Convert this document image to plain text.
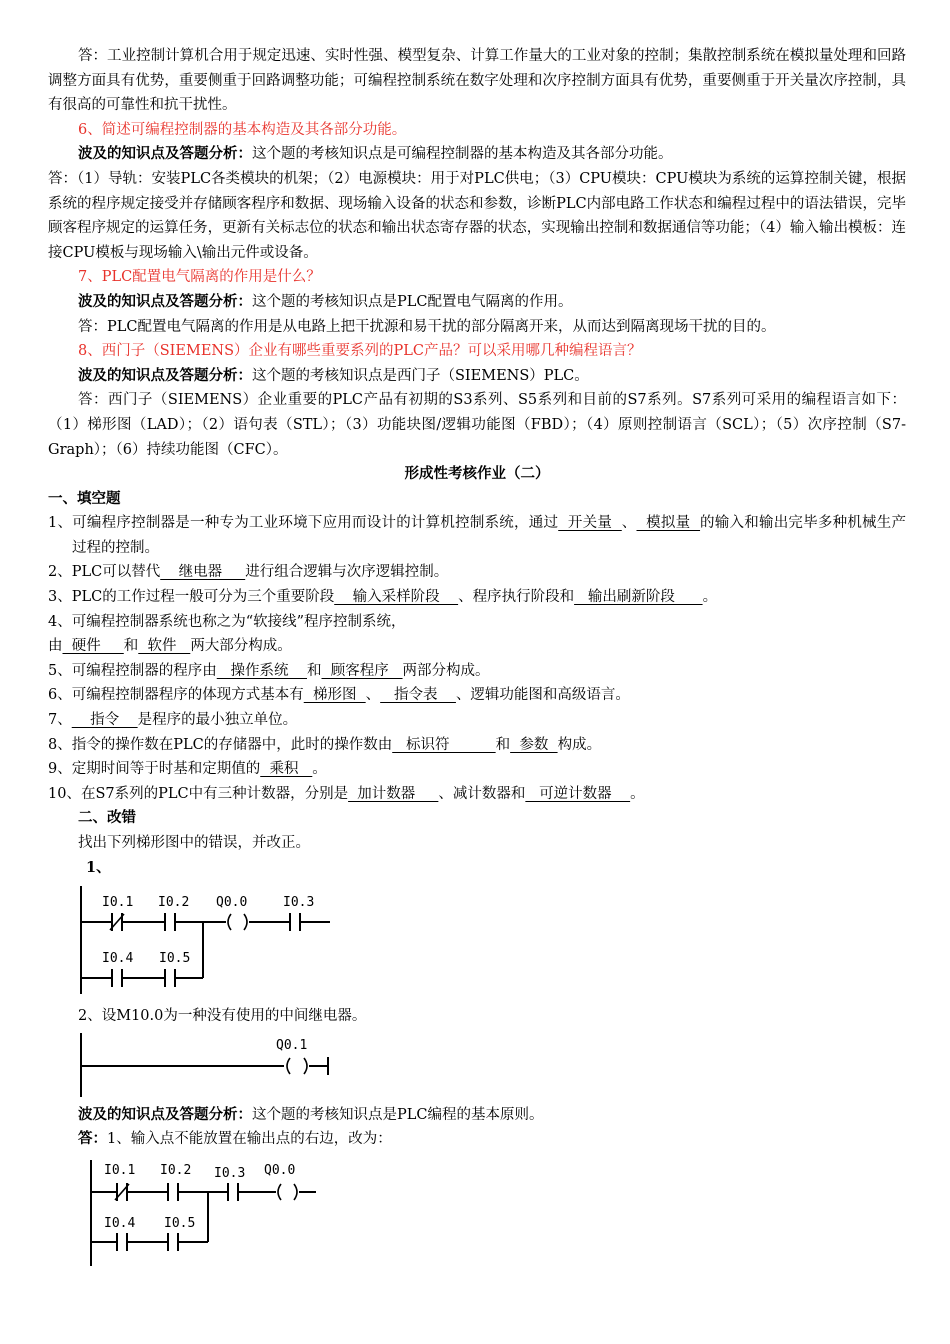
答：工业控制计算机合用于规定迅速、实时性强、模型复杂、计算工作量大的工业对象的控制；集散控制系统在模拟量处理和回路调整方面具有优势，重要侧重于回路调整功能；可编程控制系统在数字处理和次序控制方面具有优势，重要侧重于开关量次序控制，具有很高的可靠性和抗干扰性。

6、简述可编程控制器的基本构造及其各部分功能。

波及的知识点及答题分析：这个题的考核知识点是可编程控制器的基本构造及其各部分功能。

答：（1）导轨：安装PLC各类模块的机架；（2）电源模块：用于对PLC供电；（3）CPU模块：CPU模块为系统的运算控制关键，根据系统的程序规定接受并存储顾客程序和数据、现场输入设备的状态和参数，诊断PLC内部电路工作状态和编程过程中的语法错误，完毕顾客程序规定的运算任务，更新有关标志位的状态和输出状态寄存器的状态，实现输出控制和数据通信等功能；（4）输入输出模板：连接CPU模板与现场输入\输出元件或设备。

7、PLC配置电气隔离的作用是什么？

波及的知识点及答题分析：这个题的考核知识点是PLC配置电气隔离的作用。

答：PLC配置电气隔离的作用是从电路上把干扰源和易干扰的部分隔离开来，从而达到隔离现场干扰的目的。

8、西门子（SIEMENS）企业有哪些重要系列的PLC产品？可以采用哪几种编程语言？

波及的知识点及答题分析：这个题的考核知识点是西门子（SIEMENS）PLC。

答：西门子（SIEMENS）企业重要的PLC产品有初期的S3系列、S5系列和目前的S7系列。S7系列可采用的编程语言如下：（1）梯形图（LAD）；（2）语句表（STL）；（3）功能块图/逻辑功能图（FBD）；（4）原则控制语言（SCL）；（5）次序控制（S7-Graph）；（6）持续功能图（CFC）。

形成性考核作业（二）

一、填空题

1、可编程序控制器是一种专为工业环境下应用而设计的计算机控制系统，通过  开关量  、  模拟量  的输入和输出完毕多种机械生产过程的控制。

2、PLC可以替代    继电器     进行组合逻辑与次序逻辑控制。

3、PLC的工作过程一般可分为三个重要阶段    输入采样阶段    、程序执行阶段和   输出刷新阶段      。

4、可编程控制器系统也称之为“软接线”程序控制系统，

由  硬件     和  软件   两大部分构成。

5、可编程控制器的程序由   操作系统    和  顾客程序   两部分构成。

6、可编程控制器程序的体现方式基本有  梯形图  、   指令表    、逻辑功能图和高级语言。

7、    指令    是程序的最小独立单位。

8、指令的操作数在PLC的存储器中，此时的操作数由   标识符          和  参数  构成。

9、定期时间等于时基和定期值的  乘积   。

10、在S7系列的PLC中有三种计数器，分别是  加计数器     、减计数器和   可逆计数器    。

二、改错

找出下列梯形图中的错误，并改正。

1、

I0.1 I0.2 Q0.0	I0.3
I0.4 I0.5

2、设M10.0为一种没有使用的中间继电器。

Q0.1

波及的知识点及答题分析：这个题的考核知识点是PLC编程的基本原则。

答：1、输入点不能放置在输出点的右边，改为：

I0.1 I0.2 I0.3 Q0.0
I0.4 I0.5
